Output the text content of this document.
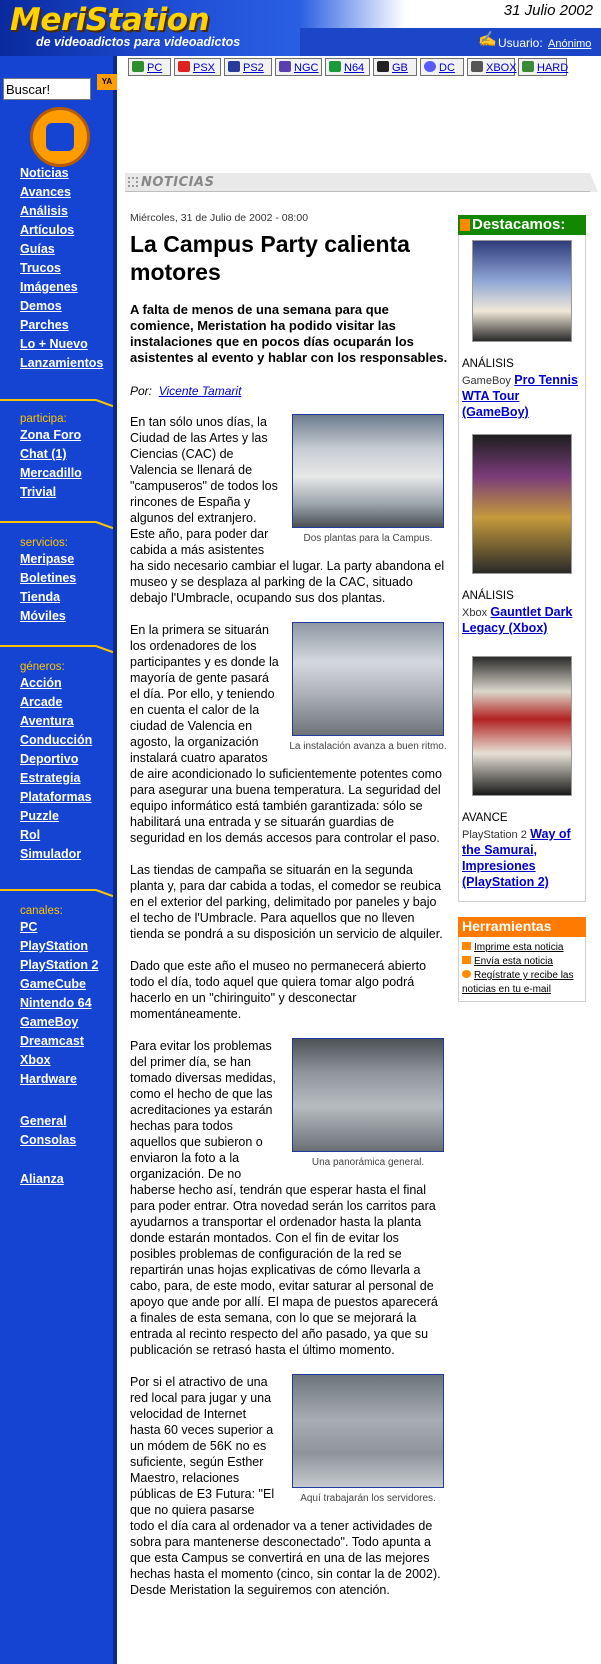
MeriStation
de videoadictos para videoadictos
31 Julio 2002
✍ Usuario: Anónimo
Buscar!
YA
Noticias
Avances
Análisis
Artículos
Guías
Trucos
Imágenes
Demos
Parches
Lo + Nuevo
Lanzamientos
participa:
Zona Foro
Chat (1)
Mercadillo
Trivial
servicios:
Meripase
Boletines
Tienda
Móviles
géneros:
Acción
Arcade
Aventura
Conducción
Deportivo
Estrategia
Plataformas
Puzzle
Rol
Simulador
canales:
PC
PlayStation
PlayStation 2
GameCube
Nintendo 64
GameBoy
Dreamcast
Xbox
Hardware
General
Consolas
Alianza
PC	PSX	PS2	NGC	N64	GB	DC	XBOX	HARD
NOTICIAS
Miércoles, 31 de Julio de 2002 - 08:00
La Campus Party calienta motores
A falta de menos de una semana para que comience, Meristation ha podido visitar las instalaciones que en pocos días ocuparán los asistentes al evento y hablar con los responsables.
Por: Vicente Tamarit
Dos plantas para la Campus.
En tan sólo unos días, la Ciudad de las Artes y las Ciencias (CAC) de Valencia se llenará de "campuseros" de todos los rincones de España y algunos del extranjero. Este año, para poder dar cabida a más asistentes ha sido necesario cambiar el lugar. La party abandona el museo y se desplaza al parking de la CAC, situado debajo l'Umbracle, ocupando sus dos plantas.
La instalación avanza a buen ritmo.
En la primera se situarán los ordenadores de los participantes y es donde la mayoría de gente pasará el día. Por ello, y teniendo en cuenta el calor de la ciudad de Valencia en agosto, la organización instalará cuatro aparatos de aire acondicionado lo suficientemente potentes como para asegurar una buena temperatura. La seguridad del equipo informático está también garantizada: sólo se habilitará una entrada y se situarán guardias de seguridad en los demás accesos para controlar el paso.
Las tiendas de campaña se situarán en la segunda planta y, para dar cabida a todas, el comedor se reubica en el exterior del parking, delimitado por paneles y bajo el techo de l'Umbracle. Para aquellos que no lleven tienda se pondrá a su disposición un servicio de alquiler.
Dado que este año el museo no permanecerá abierto todo el día, todo aquel que quiera tomar algo podrá hacerlo en un "chiringuito" y desconectar momentáneamente.
Una panorámica general.
Para evitar los problemas del primer día, se han tomado diversas medidas, como el hecho de que las acreditaciones ya estarán hechas para todos aquellos que subieron o enviaron la foto a la organización. De no haberse hecho así, tendrán que esperar hasta el final para poder entrar. Otra novedad serán los carritos para ayudarnos a transportar el ordenador hasta la planta donde estarán montados. Con el fin de evitar los posibles problemas de configuración de la red se repartirán unas hojas explicativas de cómo llevarla a cabo, para, de este modo, evitar saturar al personal de apoyo que ande por allí. El mapa de puestos aparecerá a finales de esta semana, con lo que se mejorará la entrada al recinto respecto del año pasado, ya que su publicación se retrasó hasta el último momento.
Aquí trabajarán los servidores.
Por si el atractivo de una red local para jugar y una velocidad de Internet hasta 60 veces superior a un módem de 56K no es suficiente, según Esther Maestro, relaciones públicas de E3 Futura: "El que no quiera pasarse todo el día cara al ordenador va a tener actividades de sobra para mantenerse desconectado". Todo apunta a que esta Campus se convertirá en una de las mejores hechas hasta el momento (cinco, sin contar la de 2002). Desde Meristation la seguiremos con atención.
Destacamos:
ANÁLISIS
GameBoy Pro Tennis WTA Tour (GameBoy)
ANÁLISIS
Xbox Gauntlet Dark Legacy (Xbox)
AVANCE
PlayStation 2 Way of the Samurai, Impresiones (PlayStation 2)
Herramientas
Imprime esta noticia
Envía esta noticia
Regístrate y recibe las noticias en tu e-mail
